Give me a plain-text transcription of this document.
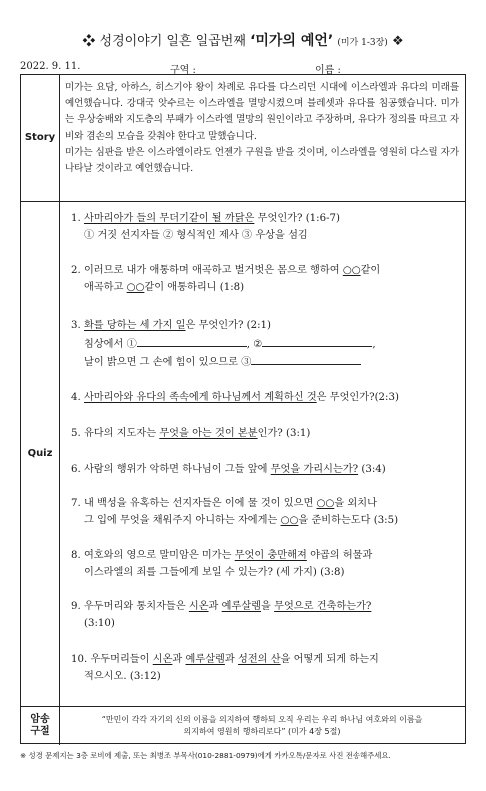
❖ 성경이야기 일흔 일곱번째 ‘미가의 예언’ (미가 1-3장) ❖
2022. 9. 11.	구역 :	이름 :
Story

미가는 요담, 아하스, 히스기야 왕이 차례로 유다를 다스리던 시대에 이스라엘과 유다의 미래를 예언했습니다. 강대국 앗수르는 이스라엘을 멸망시켰으며 블레셋과 유다를 침공했습니다. 미가는 우상숭배와 지도층의 부패가 이스라엘 멸망의 원인이라고 주장하며, 유다가 정의를 따르고 자비와 겸손의 모습을 갖춰야 한다고 말했습니다.

미가는 심판을 받은 이스라엘이라도 언젠가 구원을 받을 것이며, 이스라엘을 영원히 다스릴 자가 나타날 것이라고 예언했습니다.

Quiz
1. 사마리아가 들의 무더기같이 될 까닭은 무엇인가? (1:6-7)
① 거짓 선지자들 ② 형식적인 제사 ③ 우상을 섬김
2. 이러므로 내가 애통하며 애곡하고 벌거벗은 몸으로 행하여 ○○같이
애곡하고 ○○같이 애통하리니 (1:8)
3. 화를 당하는 세 가지 일은 무엇인가? (2:1)
침상에서 ①	, ②	,
날이 밝으면 그 손에 힘이 있으므로 ③
4. 사마리아와 유다의 족속에게 하나님께서 계획하신 것은 무엇인가?(2:3)
5. 유다의 지도자는 무엇을 아는 것이 본분인가? (3:1)
6. 사람의 행위가 악하면 하나님이 그들 앞에 무엇을 가리시는가? (3:4)
7. 내 백성을 유혹하는 선지자들은 이에 물 것이 있으면 ○○을 외치나
그 입에 무엇을 채워주지 아니하는 자에게는 ○○을 준비하는도다 (3:5)
8. 여호와의 영으로 말미암은 미가는 무엇이 충만해져 야곱의 허물과
이스라엘의 죄를 그들에게 보일 수 있는가? (세 가지) (3:8)
9. 우두머리와 통치자들은 시온과 예루살렘을 무엇으로 건축하는가?
(3:10)
10. 우두머리들이 시온과 예루살렘과 성전의 산을 어떻게 되게 하는지
적으시오. (3:12)
암송
구절
“만민이 각각 자기의 신의 이름을 의지하여 행하되 오직 우리는 우리 하나님 여호와의 이름을
의지하여 영원히 행하리로다” (미가 4장 5절)
※ 성경 문제지는 3층 로비에 제출, 또는 최병조 부목사(010-2881-0979)에게 카카오톡/문자로 사진 전송해주세요.
